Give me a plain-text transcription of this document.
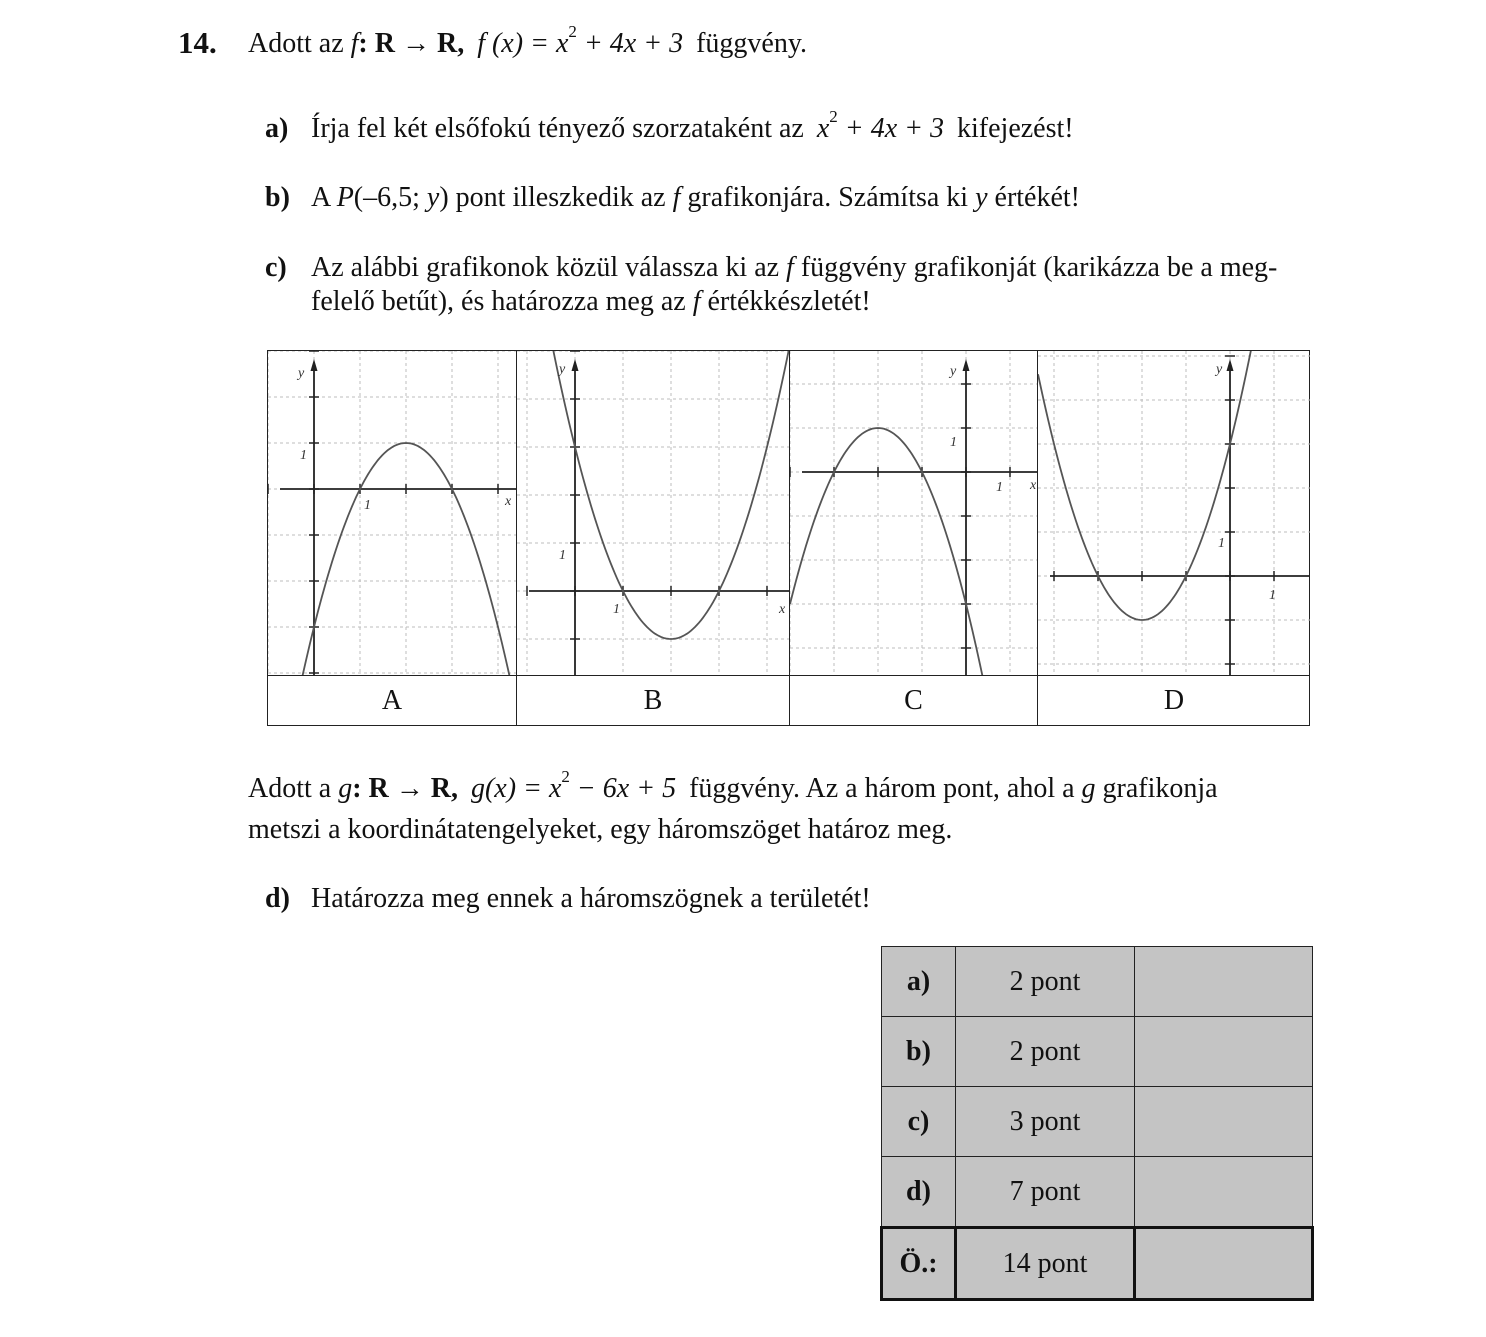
14. Adott az f: R → R, f $(x) = x^2 + 4x + 3$ függvény.
a) Írja fel két elsőfokú tényező szorzataként az $x^2 + 4x + 3$ kifejezést!
b) A P(–6,5; y) pont illeszkedik az f grafikonjára. Számítsa ki y értékét!
c) Az alábbi grafikonok közül válassza ki az f függvény grafikonját (karikázza be a meg-
felelő betűt), és határozza meg az f értékkészletét!
y
x
1
1
y
x
1
1
y
x
1
1
y
1
1
A	B	C	D
Adott a g: R → R, $g(x) = x^2 - 6x + 5$ függvény. Az a három pont, ahol a g grafikonja
metszi a koordinátatengelyeket, egy háromszöget határoz meg.
d) Határozza meg ennek a háromszögnek a területét!
a)	2 pont	
b)	2 pont	
c)	3 pont	
d)	7 pont	
Ö.:	14 pont	
